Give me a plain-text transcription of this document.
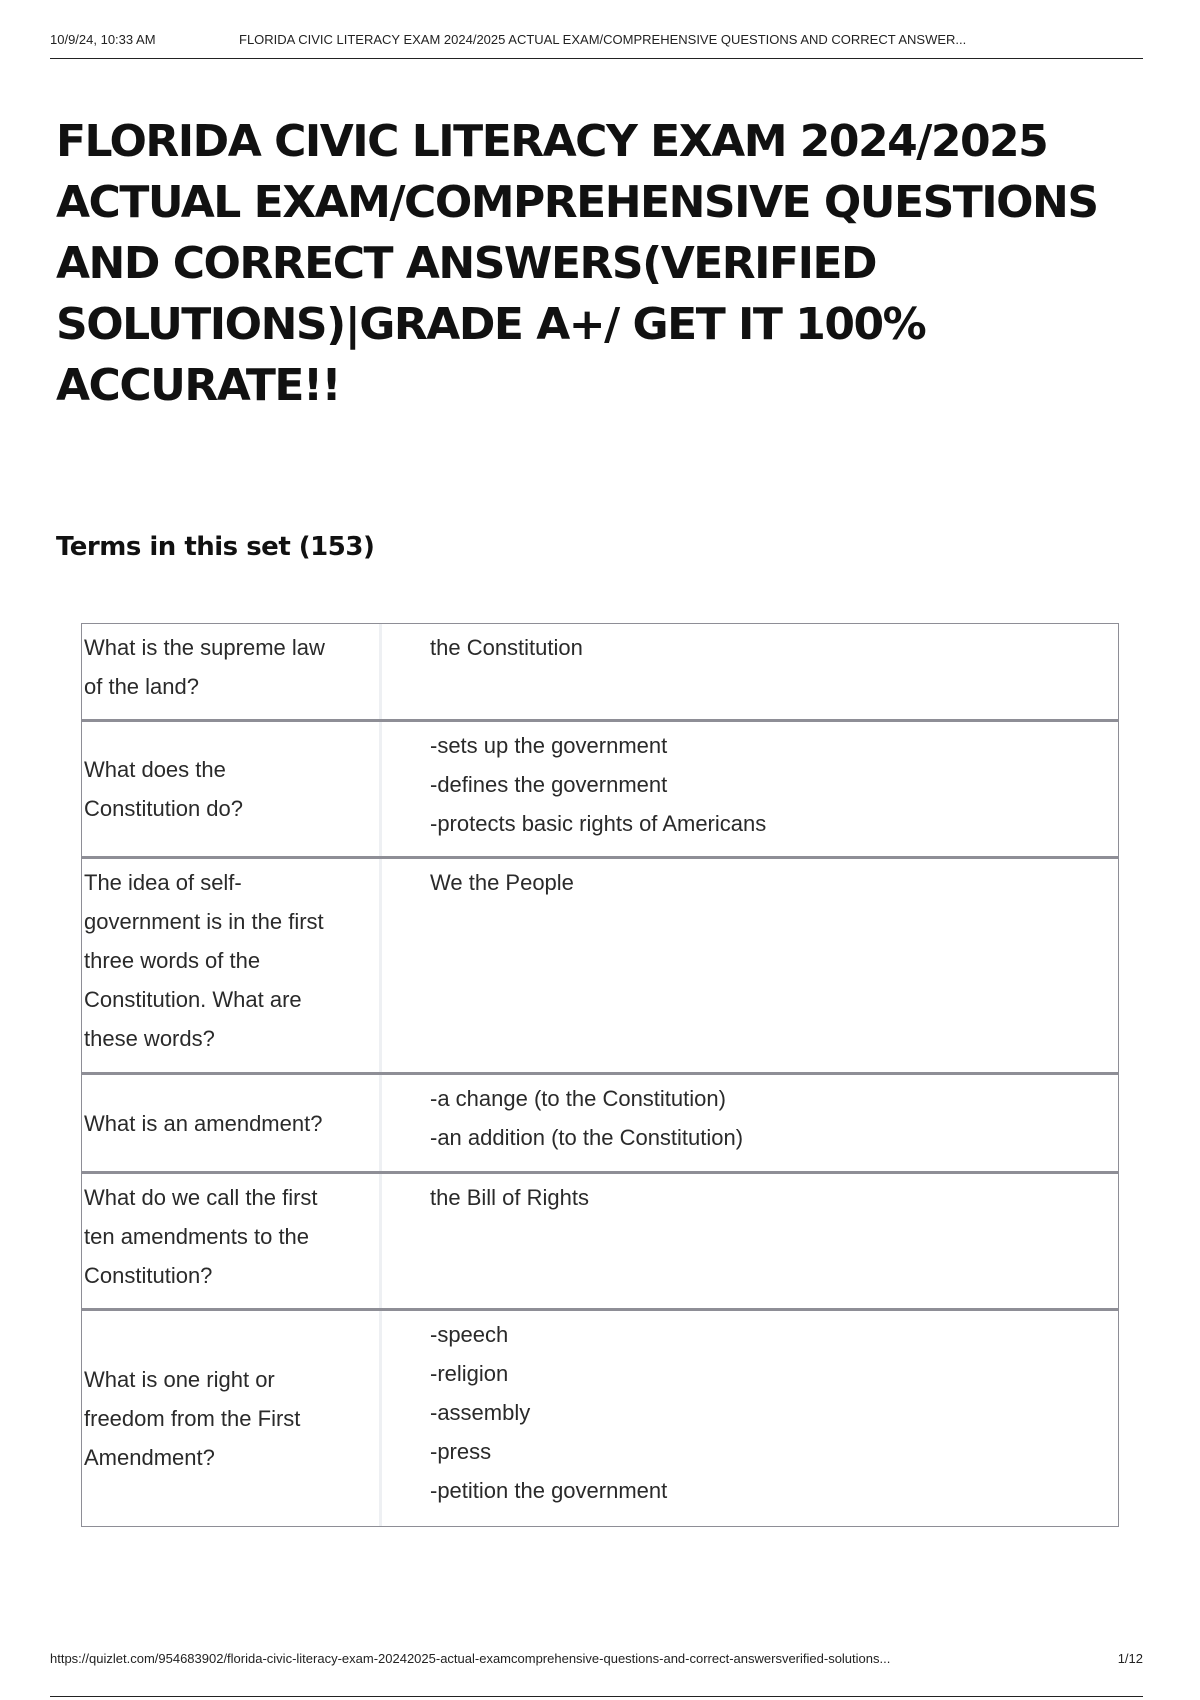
10/9/24, 10:33 AM	FLORIDA CIVIC LITERACY EXAM 2024/2025 ACTUAL EXAM/COMPREHENSIVE QUESTIONS AND CORRECT ANSWER...
FLORIDA CIVIC LITERACY EXAM 2024/2025
ACTUAL EXAM/COMPREHENSIVE QUESTIONS
AND CORRECT ANSWERS(VERIFIED
SOLUTIONS)|GRADE A+/ GET IT 100%
ACCURATE!!
Terms in this set (153)
What is the supreme law
of the land?
the Constitution
What does the
Constitution do?
-sets up the government
-defines the government
-protects basic rights of Americans
The idea of self-
government is in the first
three words of the
Constitution. What are
these words?
We the People
What is an amendment?
-a change (to the Constitution)
-an addition (to the Constitution)
What do we call the first
ten amendments to the
Constitution?
the Bill of Rights
What is one right or
freedom from the First
Amendment?
-speech
-religion
-assembly
-press
-petition the government
https://quizlet.com/954683902/florida-civic-literacy-exam-20242025-actual-examcomprehensive-questions-and-correct-answersverified-solutions...	1/12
